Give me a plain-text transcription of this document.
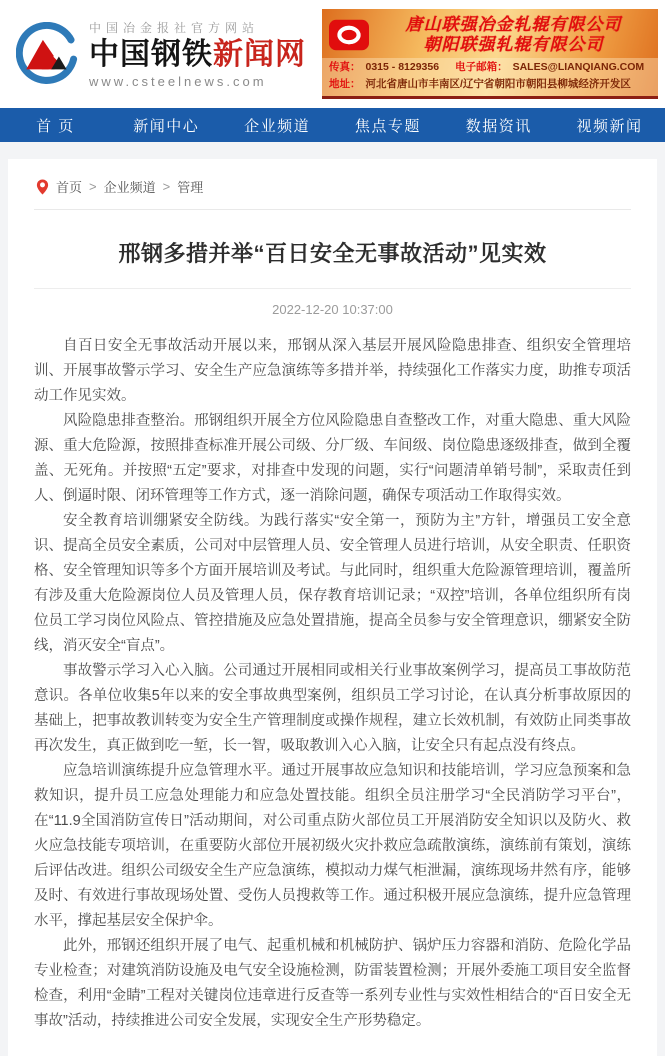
中国冶金报社官方网站
中国钢铁新闻网
www.csteelnews.com
唐山联强冶金轧辊有限公司
朝阳联强轧辊有限公司
传真： 0315 - 8129356 电子邮箱： SALES@LIANQIANG.COM
地址： 河北省唐山市丰南区/辽宁省朝阳市朝阳县柳城经济开发区
首 页	新闻中心	企业频道	焦点专题	数据资讯	视频新闻
首页 > 企业频道 > 管理
邢钢多措并举“百日安全无事故活动”见实效
2022-12-20 10:37:00

自百日安全无事故活动开展以来，邢钢从深入基层开展风险隐患排查、组织安全管理培训、开展事故警示学习、安全生产应急演练等多措并举，持续强化工作落实力度，助推专项活动工作见实效。

风险隐患排查整治。邢钢组织开展全方位风险隐患自查整改工作，对重大隐患、重大风险源、重大危险源，按照排查标准开展公司级、分厂级、车间级、岗位隐患逐级排查，做到全覆盖、无死角。并按照“五定”要求，对排查中发现的问题，实行“问题清单销号制”，采取责任到人、倒逼时限、闭环管理等工作方式，逐一消除问题，确保专项活动工作取得实效。

安全教育培训绷紧安全防线。为践行落实“安全第一，预防为主”方针，增强员工安全意识、提高全员安全素质，公司对中层管理人员、安全管理人员进行培训，从安全职责、任职资格、安全管理知识等多个方面开展培训及考试。与此同时，组织重大危险源管理培训，覆盖所有涉及重大危险源岗位人员及管理人员，保存教育培训记录；“双控”培训，各单位组织所有岗位员工学习岗位风险点、管控措施及应急处置措施，提高全员参与安全管理意识，绷紧安全防线，消灭安全“盲点”。

事故警示学习入心入脑。公司通过开展相同或相关行业事故案例学习，提高员工事故防范意识。各单位收集5年以来的安全事故典型案例，组织员工学习讨论，在认真分析事故原因的基础上，把事故教训转变为安全生产管理制度或操作规程，建立长效机制，有效防止同类事故再次发生，真正做到吃一堑，长一智，吸取教训入心入脑，让安全只有起点没有终点。

应急培训演练提升应急管理水平。通过开展事故应急知识和技能培训，学习应急预案和急救知识，提升员工应急处理能力和应急处置技能。组织全员注册学习“全民消防学习平台”，在“11.9全国消防宣传日”活动期间，对公司重点防火部位员工开展消防安全知识以及防火、救火应急技能专项培训，在重要防火部位开展初级火灾扑救应急疏散演练，演练前有策划，演练后评估改进。组织公司级安全生产应急演练，模拟动力煤气柜泄漏，演练现场井然有序，能够及时、有效进行事故现场处置、受伤人员搜救等工作。通过积极开展应急演练，提升应急管理水平，撑起基层安全保护伞。

此外，邢钢还组织开展了电气、起重机械和机械防护、锅炉压力容器和消防、危险化学品专业检查；对建筑消防设施及电气安全设施检测，防雷装置检测；开展外委施工项目安全监督检查，利用“金睛”工程对关键岗位违章进行反查等一系列专业性与实效性相结合的“百日安全无事故”活动，持续推进公司安全发展，实现安全生产形势稳定。
